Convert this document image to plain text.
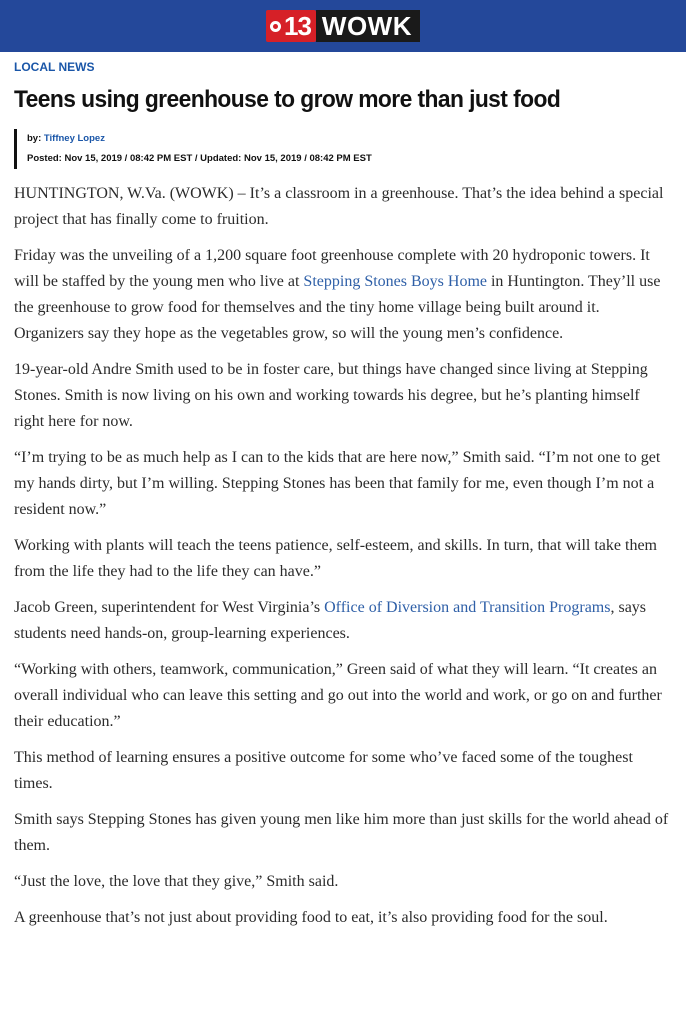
13 WOWK
LOCAL NEWS
Teens using greenhouse to grow more than just food
by: Tiffney Lopez
Posted: Nov 15, 2019 / 08:42 PM EST / Updated: Nov 15, 2019 / 08:42 PM EST

HUNTINGTON, W.Va. (WOWK) – It’s a classroom in a greenhouse. That’s the idea behind a special project that has finally come to fruition.

Friday was the unveiling of a 1,200 square foot greenhouse complete with 20 hydroponic towers. It will be staffed by the young men who live at Stepping Stones Boys Home in Huntington. They’ll use the greenhouse to grow food for themselves and the tiny home village being built around it. Organizers say they hope as the vegetables grow, so will the young men’s confidence.

19-year-old Andre Smith used to be in foster care, but things have changed since living at Stepping Stones. Smith is now living on his own and working towards his degree, but he’s planting himself right here for now.

“I’m trying to be as much help as I can to the kids that are here now,” Smith said. “I’m not one to get my hands dirty, but I’m willing. Stepping Stones has been that family for me, even though I’m not a resident now.”

Working with plants will teach the teens patience, self-esteem, and skills. In turn, that will take them from the life they had to the life they can have.”

Jacob Green, superintendent for West Virginia’s Office of Diversion and Transition Programs, says students need hands-on, group-learning experiences.

“Working with others, teamwork, communication,” Green said of what they will learn. “It creates an overall individual who can leave this setting and go out into the world and work, or go on and further their education.”

This method of learning ensures a positive outcome for some who’ve faced some of the toughest times.

Smith says Stepping Stones has given young men like him more than just skills for the world ahead of them.

“Just the love, the love that they give,” Smith said.

A greenhouse that’s not just about providing food to eat, it’s also providing food for the soul.
